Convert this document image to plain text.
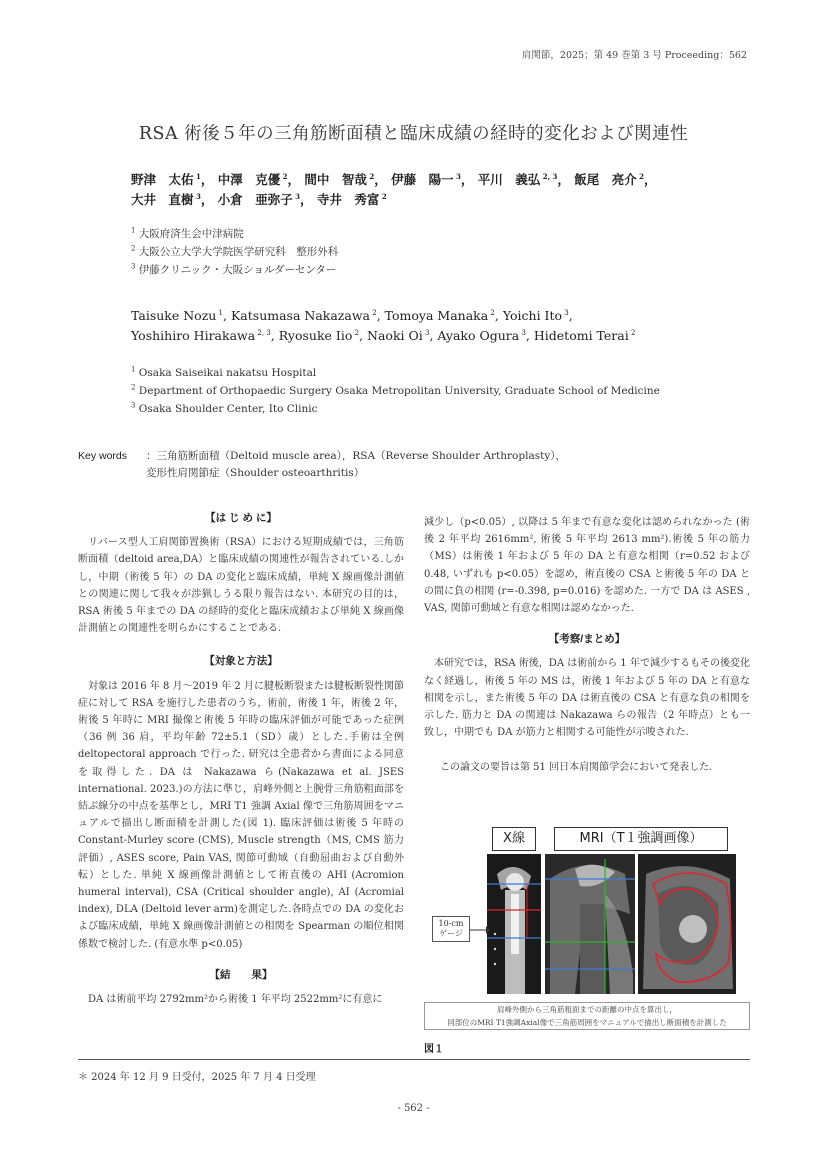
肩関節，2025；第 49 巻第 3 号 Proceeding：562
RSA 術後５年の三角筋断面積と臨床成績の経時的変化および関連性
野津　太佑 $^1$， 中澤　克優 $^2$， 間中　智哉 $^2$， 伊藤　陽一 $^3$， 平川　義弘 $^{2, 3}$， 飯尾　亮介 $^2$，
大井　直樹 $^3$， 小倉　亜弥子 $^3$， 寺井　秀富 $^2$
$^1$ 大阪府済生会中津病院
$^2$ 大阪公立大学大学院医学研究科　整形外科
$^3$ 伊藤クリニック・大阪ショルダーセンター
Taisuke Nozu $^1$, Katsumasa Nakazawa $^2$, Tomoya Manaka $^2$, Yoichi Ito $^3$,
Yoshihiro Hirakawa $^{2, 3}$, Ryosuke Iio $^2$, Naoki Oi $^3$, Ayako Ogura $^3$, Hidetomi Terai $^2$
$^1$ Osaka Saiseikai nakatsu Hospital
$^2$ Department of Orthopaedic Surgery Osaka Metropolitan University, Graduate School of Medicine
$^3$ Osaka Shoulder Center, Ito Clinic
Key words ：三角筋断面積（Deltoid muscle area），RSA（Reverse Shoulder Arthroplasty），
変形性肩関節症（Shoulder osteoarthritis）

【は じ め に】

リバース型人工肩関節置換術（RSA）における短期成績では，三角筋断面積（deltoid area,DA）と臨床成績の関連性が報告されている.しかし，中期（術後 5 年）の DA の変化と臨床成績，単純 X 線画像計測値との関連に関して我々が渉猟しうる限り報告はない. 本研究の目的は，RSA 術後 5 年までの DA の経時的変化と臨床成績および単純 X 線画像計測値との関連性を明らかにすることである.

【対象と方法】

対象は 2016 年 8 月～2019 年 2 月に腱板断裂または腱板断裂性関節症に対して RSA を施行した患者のうち，術前，術後 1 年，術後 2 年，術後 5 年時に MRI 撮像と術後 5 年時の臨床評価が可能であった症例（36 例 36 肩，平均年齢 72±5.1（SD）歳）とした.手術は全例 deltopectoral approach で行った. 研究は全患者から書面による同意を取得した. DA は Nakazawa ら(Nakazawa et al. JSES international. 2023.)の方法に準じ，肩峰外側と上腕骨三角筋粗面部を結ぶ線分の中点を基準とし，MRI T1 強調 Axial 像で三角筋周囲をマニュアルで描出し断面積を計測した(図 1). 臨床評価は術後 5 年時の Constant-Murley score (CMS), Muscle strength（MS, CMS 筋力評価）, ASES score, Pain VAS, 関節可動域（自動屈曲および自動外転）とした. 単純 X 線画像計測値として術直後の AHI (Acromion humeral interval), CSA (Critical shoulder angle), AI (Acromial index), DLA (Deltoid lever arm)を測定した.各時点での DA の変化および臨床成績，単純 X 線画像計測値との相関を Spearman の順位相関係数で検討した. (有意水準 p<0.05)

【結　　果】

DA は術前平均 2792mm²から術後 1 年平均 2522mm²に有意に

減少し（p<0.05）, 以降は 5 年まで有意な変化は認められなかった (術後 2 年平均 2616mm², 術後 5 年平均 2613 mm²).術後 5 年の筋力（MS）は術後 1 年および 5 年の DA と有意な相関（r=0.52 および 0.48, いずれも p<0.05）を認め，術直後の CSA と術後 5 年の DA との間に負の相関 (r=-0.398, p=0.016) を認めた. 一方で DA は ASES , VAS, 関節可動域と有意な相関は認めなかった.

【考察/まとめ】

本研究では，RSA 術後，DA は術前から 1 年で減少するもその後変化なく経過し，術後 5 年の MS は，術後 1 年および 5 年の DA と有意な相関を示し，また術後 5 年の DA は術直後の CSA と有意な負の相関を示した. 筋力と DA の関連は Nakazawa らの報告（2 年時点）とも一致し，中期でも DA が筋力と相関する可能性が示唆された.

この論文の要旨は第 51 回日本肩関節学会において発表した.

X線	MRI（T１強調画像）
10-cm
ゲージ
肩峰外側から三角筋粗面までの距離の中点を算出し，
同部位のMRI T1強調Axial像で三角筋周囲をマニュアルで描出し断面積を計測した
図１
＊ 2024 年 12 月 9 日受付，2025 年 7 月 4 日受理
- 562 -
